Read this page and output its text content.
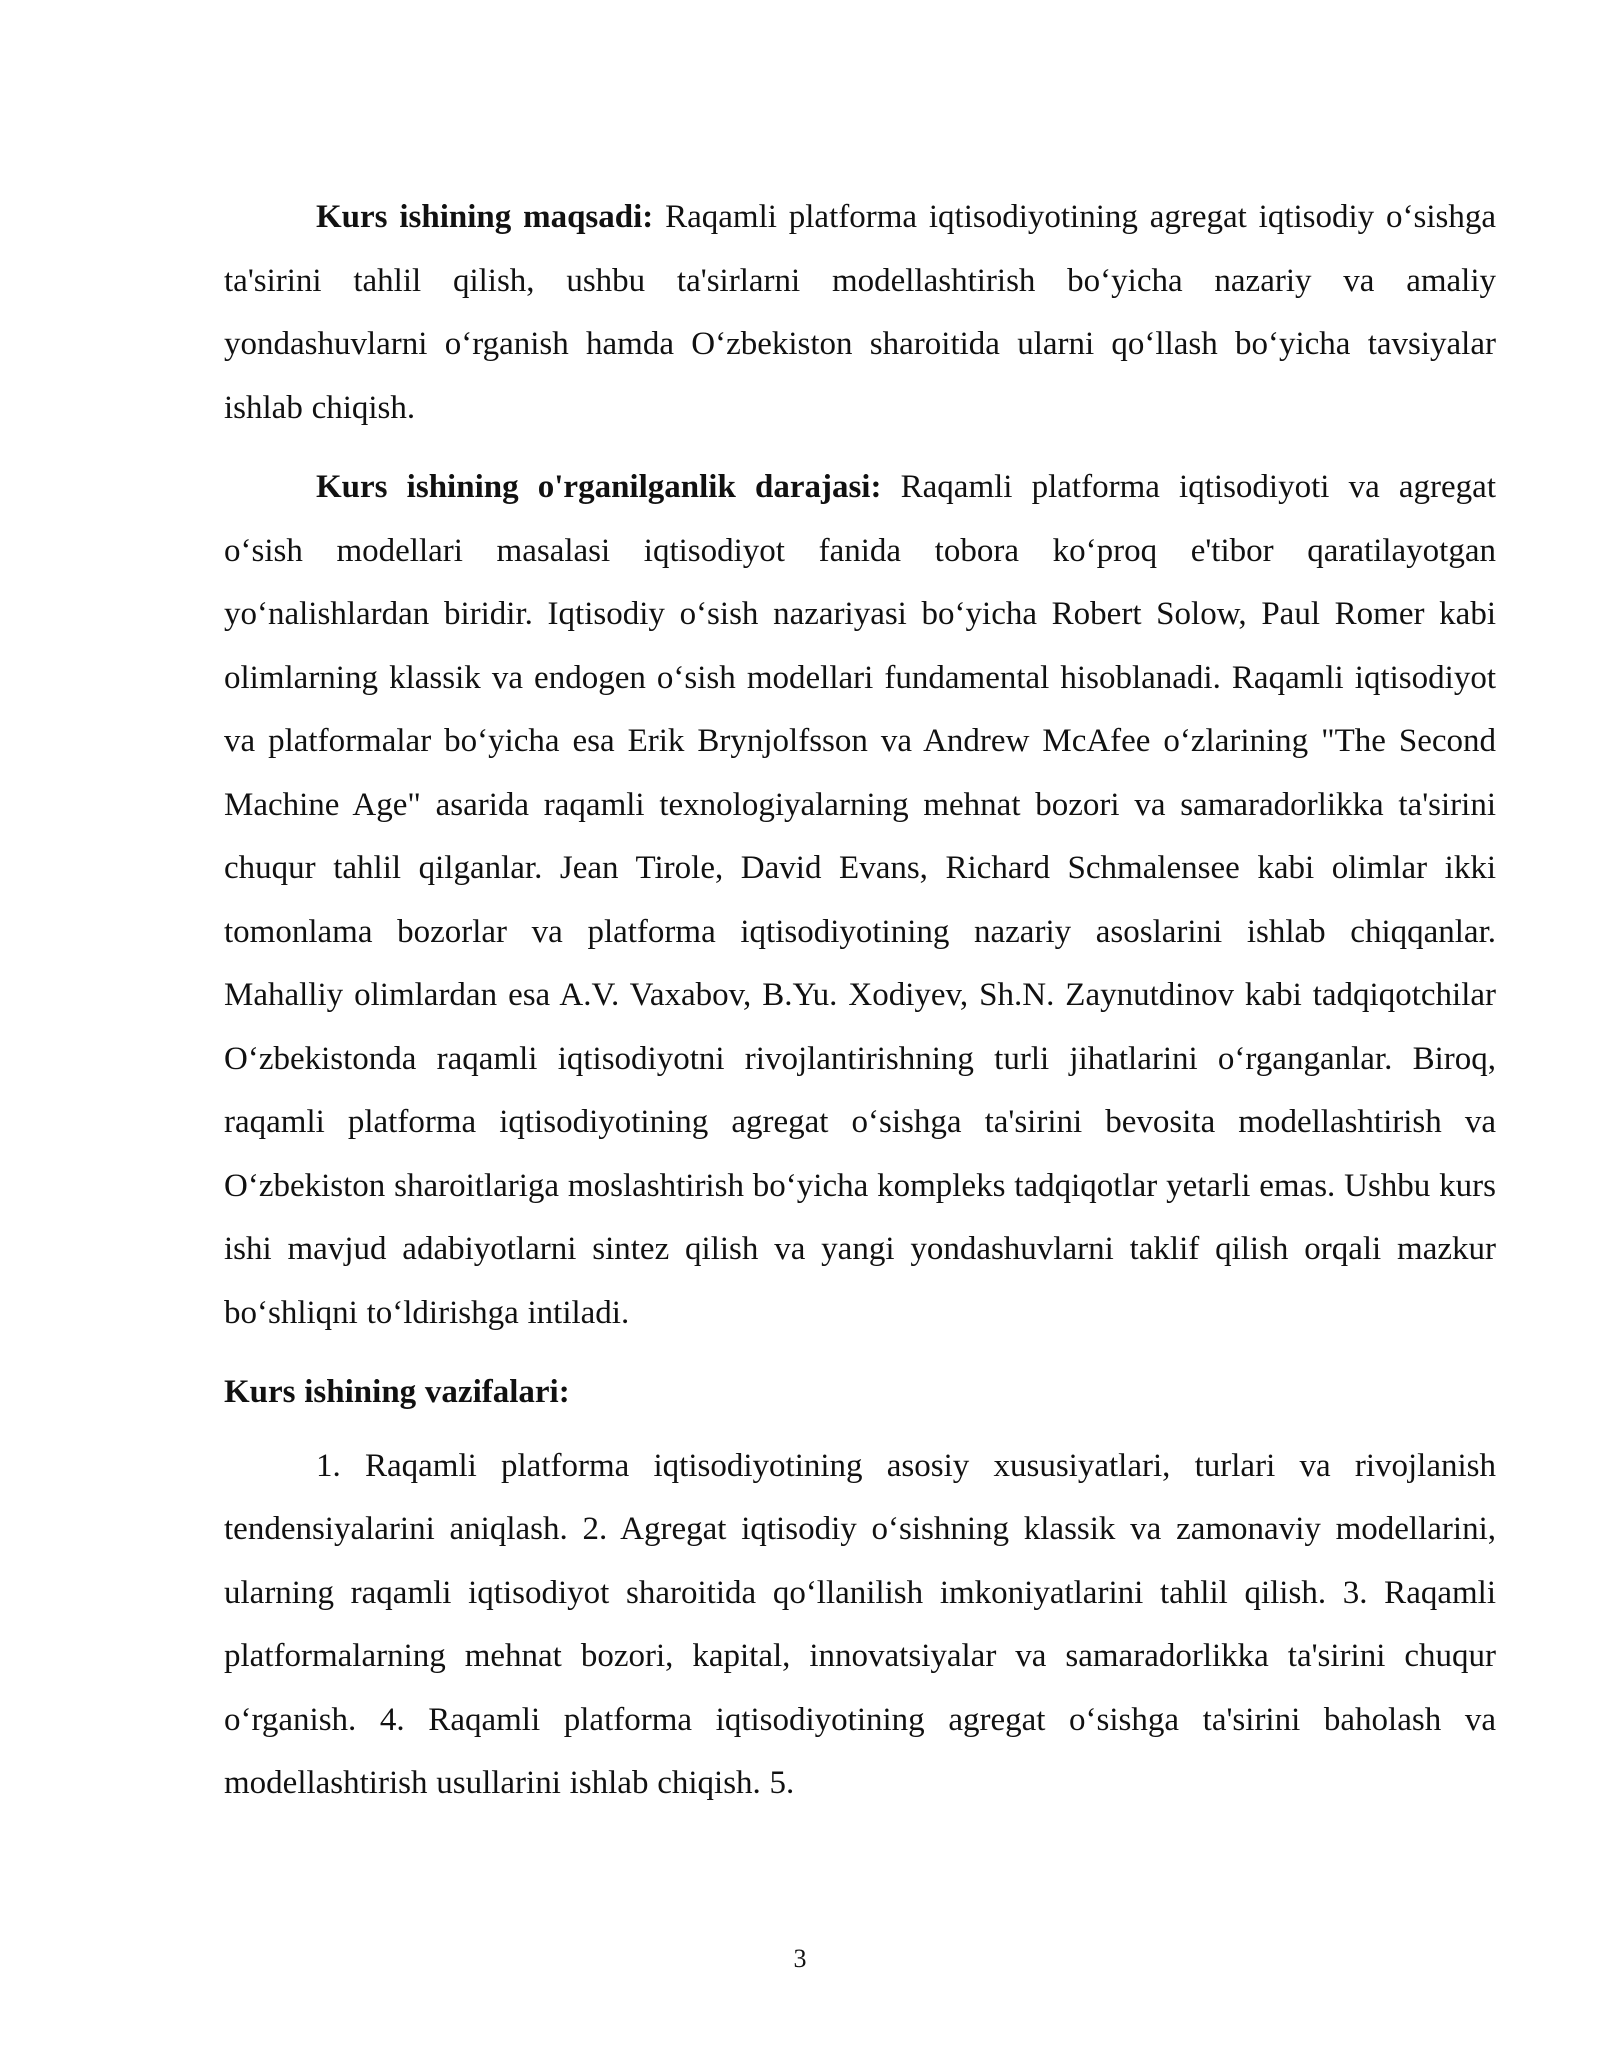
Kurs ishining maqsadi: Raqamli platforma iqtisodiyotining agregat iqtisodiy oʻsishga ta'sirini tahlil qilish, ushbu ta'sirlarni modellashtirish boʻyicha nazariy va amaliy yondashuvlarni oʻrganish hamda Oʻzbekiston sharoitida ularni qoʻllash boʻyicha tavsiyalar ishlab chiqish.

Kurs ishining o'rganilganlik darajasi: Raqamli platforma iqtisodiyoti va agregat oʻsish modellari masalasi iqtisodiyot fanida tobora koʻproq e'tibor qaratilayotgan yoʻnalishlardan biridir. Iqtisodiy oʻsish nazariyasi boʻyicha Robert Solow, Paul Romer kabi olimlarning klassik va endogen oʻsish modellari fundamental hisoblanadi. Raqamli iqtisodiyot va platformalar boʻyicha esa Erik Brynjolfsson va Andrew McAfee oʻzlarining "The Second Machine Age" asarida raqamli texnologiyalarning mehnat bozori va samaradorlikka ta'sirini chuqur tahlil qilganlar. Jean Tirole, David Evans, Richard Schmalensee kabi olimlar ikki tomonlama bozorlar va platforma iqtisodiyotining nazariy asoslarini ishlab chiqqanlar. Mahalliy olimlardan esa A.V. Vaxabov, B.Yu. Xodiyev, Sh.N. Zaynutdinov kabi tadqiqotchilar Oʻzbekistonda raqamli iqtisodiyotni rivojlantirishning turli jihatlarini oʻrganganlar. Biroq, raqamli platforma iqtisodiyotining agregat oʻsishga ta'sirini bevosita modellashtirish va Oʻzbekiston sharoitlariga moslashtirish boʻyicha kompleks tadqiqotlar yetarli emas. Ushbu kurs ishi mavjud adabiyotlarni sintez qilish va yangi yondashuvlarni taklif qilish orqali mazkur boʻshliqni toʻldirishga intiladi.

Kurs ishining vazifalari:

1. Raqamli platforma iqtisodiyotining asosiy xususiyatlari, turlari va rivojlanish tendensiyalarini aniqlash. 2. Agregat iqtisodiy oʻsishning klassik va zamonaviy modellarini, ularning raqamli iqtisodiyot sharoitida qoʻllanilish imkoniyatlarini tahlil qilish. 3. Raqamli platformalarning mehnat bozori, kapital, innovatsiyalar va samaradorlikka ta'sirini chuqur oʻrganish. 4. Raqamli platforma iqtisodiyotining agregat oʻsishga ta'sirini baholash va modellashtirish usullarini ishlab chiqish. 5.

3
